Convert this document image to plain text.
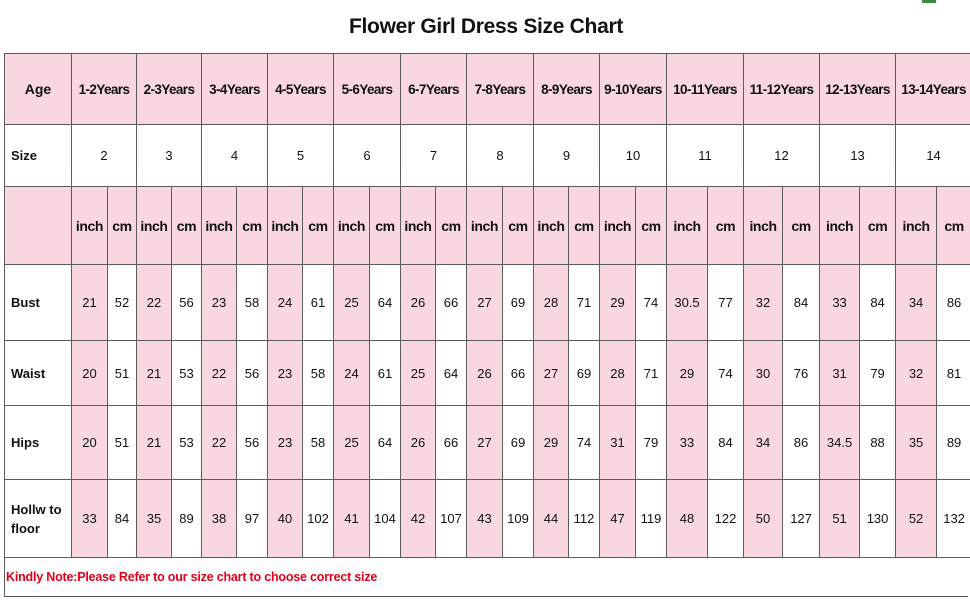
Flower Girl Dress Size Chart
Age	1-2Years		2-3Years		3-4Years		4-5Years		5-6Years		6-7Years		7-8Years		8-9Years		9-10Years		10-11Years		11-12Years		12-13Years		13-14Years	
Size	2		3		4		5		6		7		8		9		10		11		12		13		14	
	inch	cm	inch	cm	inch	cm	inch	cm	inch	cm	inch	cm	inch	cm	inch	cm	inch	cm	inch	cm	inch	cm	inch	cm	inch	cm
Bust	21	52	22	56	23	58	24	61	25	64	26	66	27	69	28	71	29	74	30.5	77	32	84	33	84	34	86
Waist	20	51	21	53	22	56	23	58	24	61	25	64	26	66	27	69	28	71	29	74	30	76	31	79	32	81
Hips	20	51	21	53	22	56	23	58	25	64	26	66	27	69	29	74	31	79	33	84	34	86	34.5	88	35	89
Hollw to floor	33	84	35	89	38	97	40	102	41	104	42	107	43	109	44	112	47	119	48	122	50	127	51	130	52	132
Kindly Note:Please Refer to our size chart to choose correct size
